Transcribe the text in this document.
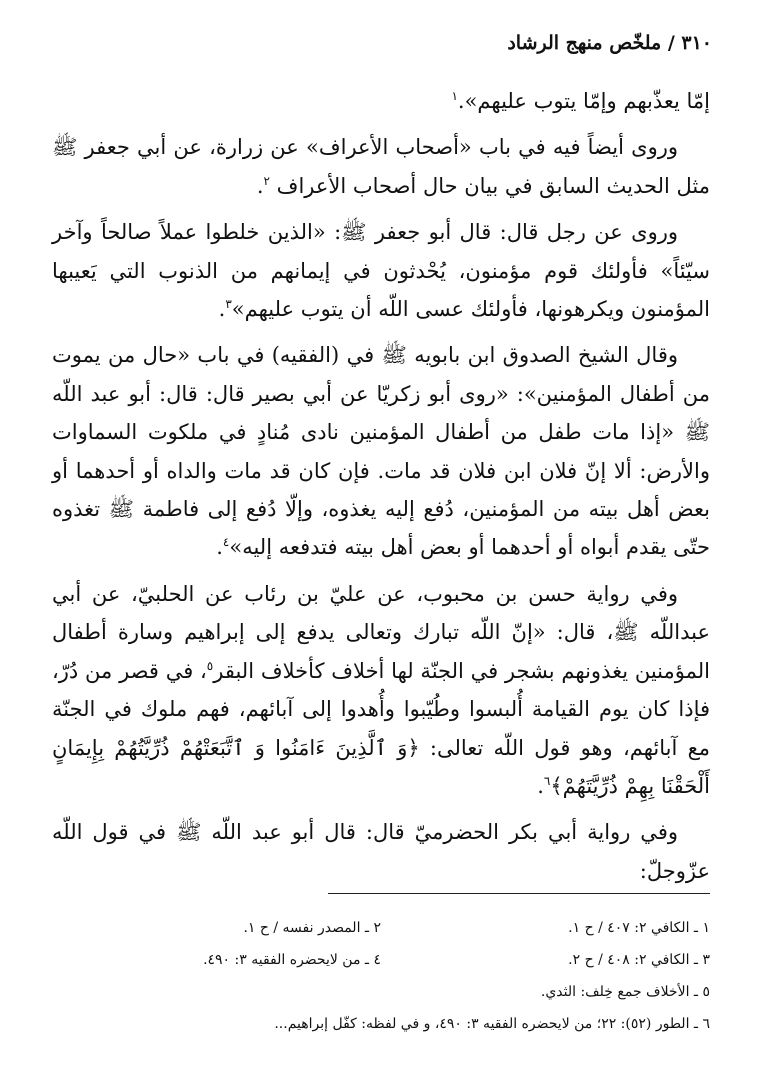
٣١٠ / ملخّص منهج الرشاد

إمّا يعذّبهم وإمّا يتوب عليهم».$^١$

وروى أيضاً فيه في باب «أصحاب الأعراف» عن زرارة، عن أبي جعفر ﷺ مثل الحديث السابق في بيان حال أصحاب الأعراف $^٢$.

وروى عن رجل قال: قال أبو جعفر ﷺ: «الذين خلطوا عملاً صالحاً وآخر سيّئاً» فأولئك قوم مؤمنون، يُحْدثون في إيمانهم من الذنوب التي يَعيبها المؤمنون ويكرهونها، فأولئك عسى اللّه أن يتوب عليهم»$^٣$.

وقال الشيخ الصدوق ابن بابويه ﷺ في (الفقيه) في باب «حال من يموت من أطفال المؤمنين»: «روى أبو زكريّا عن أبي بصير قال: قال: أبو عبد اللّه ﷺ «إذا مات طفل من أطفال المؤمنين نادى مُنادٍ في ملكوت السماوات والأرض: ألا إنّ فلان ابن فلان قد مات. فإن كان قد مات والداه أو أحدهما أو بعض أهل بيته من المؤمنين، دُفع إليه يغذوه، وإلّا دُفع إلى فاطمة ﷺ تغذوه حتّى يقدم أبواه أو أحدهما أو بعض أهل بيته فتدفعه إليه»$^٤$.

وفي رواية حسن بن محبوب، عن عليّ بن رئاب عن الحلبيّ، عن أبي عبداللّه ﷺ، قال: «إنّ اللّه تبارك وتعالى يدفع إلى إبراهيم وسارة أطفال المؤمنين يغذونهم بشجر في الجنّة لها أخلاف كأخلاف البقر$^٥$، في قصر من دُرّ، فإذا كان يوم القيامة أُلبسوا وطُيّبوا وأُهدوا إلى آبائهم، فهم ملوك في الجنّة مع آبائهم، وهو قول اللّه تعالى: ﴿وَ ٱلَّذِينَ ءَامَنُوا وَ ٱتَّبَعَتْهُمْ ذُرِّيَّتُهُمْ بِإِيمَانٍ أَلْحَقْنَا بِهِمْ ذُرِّيَّتَهُمْ﴾$^٦$.

وفي رواية أبي بكر الحضرميّ قال: قال أبو عبد اللّه ﷺ في قول اللّه عزّوجلّ:

١ ـ الكافي ٢: ٤٠٧ / ح ١.
٢ ـ المصدر نفسه / ح ١.
٣ ـ الكافي ٢: ٤٠٨ / ح ٢.
٤ ـ من لايحضره الفقيه ٣: ٤٩٠.
٥ ـ الأخلاف جمع خِلف: الثدي.
٦ ـ الطور (٥٢): ٢٢؛ من لايحضره الفقيه ٣: ٤٩٠، و في لفظه: كفّل إبراهيم...
